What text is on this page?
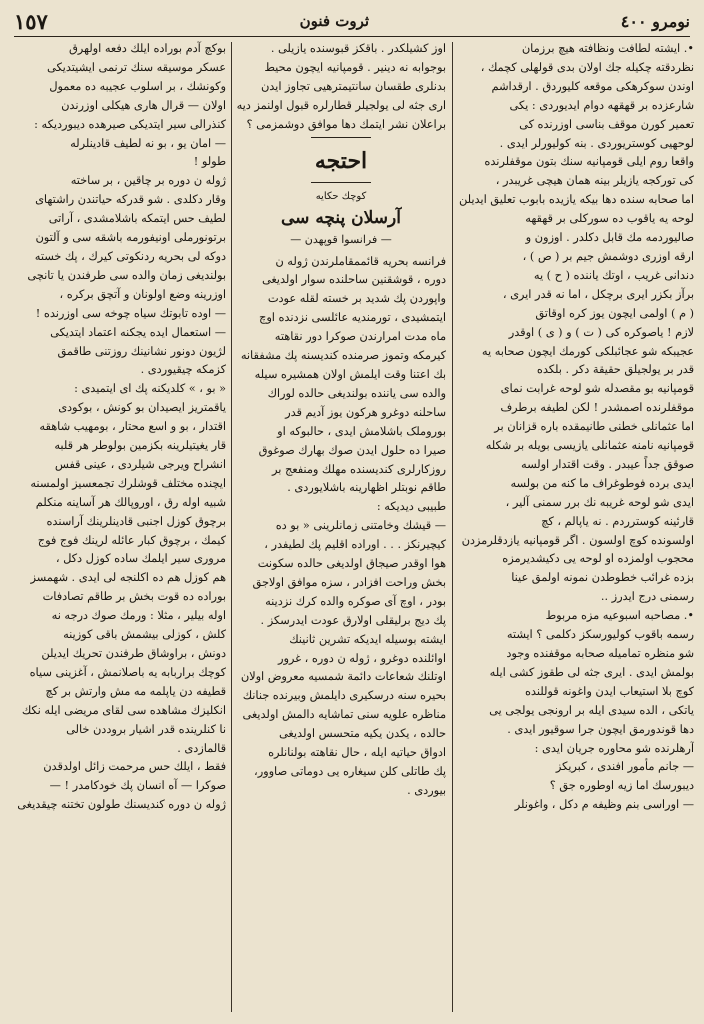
١٥٧	ثروت فنون	نومرو ٤٠٠
•. ایشته لطافت ونظافته هیچ برزمان
نظردقته چکیله جك اولان بدی قولهلی کچمك ،
اوندن سوکرهکی موقعه کلیوردق . ارقداشم
شارعزده بر قهقهه دوام ایدیوردی : یکی
تعمیر کورن موقف بناسی اوزرنده کی
لوحهیی کوستریوردی . بنه کولیورلر ایدی .
واقعا روم ایلی قومپانیه سنك بتون موقفلرنده
کی تورکجه یازیلر بینه همان هیچی غریبدر ،
اما صحابه سنده دها بیکه یازیده بابوب تعلیق ایدیلن
لوحه یه یاقوب ده سورکلی بر قهقهه
صالیوردمه مك قابل دکلدر . اوزون و
ارقه اوزری دوشمش جیم بر ( ص ) ،
دندانی غریب ، اوتك یاننده ( ح ) یه
برآز بکزر ایری برچکل ، اما نه قدر ایری ،
( م ) اولمی ایچون یوز کره اوقاتق
لازم ! یاصوکره کی ( ت ) و ( ی ) اوقدر
عجیبکه شو عجائبلکی کورمك ایچون صحابه یه
قدر بر یولجیلق حقیقة دکر . بلکده
قومپانیه بو مقصدله شو لوحه غرابت نمای
موقفلرنده اصمشدر ! لکن لطیفه برطرف
اما عثمانلی خطنی طانیمقده باره قزانان بر
قومپانیه نامنه عثمانلی یازیسی بویله بر شکله
صوقق جداً عیبدر . وقت اقتدار اولسه
ایدی برده فوطوغراف ما کنه من بولسه
ایدی شو لوحه غریبه نك برر سمنی آلیر ،
قارئینه کوسترردم . نه یاپالم ، کچ
اولسونده کوچ اولسون . اگر قومپانیه یازدقلرمزدن
محجوب اولمزده او لوحه یی دکیشدیرمزه
بزده غرائب خطوطدن نمونه اولمق عینا
رسمنی درج ایدرز ..
•. مصاحبه اسبوعیه مزه مربوط
رسمه باقوب کولیورسکز دکلمی ؟ ایشته
شو منظره تمامیله صحابه موقفنده وجود
بولمش ایدی . ایری جثه لی طقوز کشی ایله
کوچ بلا استیعاب ایدن واغونه قوللنده
یاتکی ، الده سیدی ایله بر ارونجی یولجی یی
دها قوندورمق ایچون جرا سوقیور ایدی .
آرهلرنده شو محاوره جریان ایدی :
— جانم مأمور افندی ، کبریکز
دیبورسك اما زیه اوطوره جق ؟
— اوراسی بنم وظیفه م دکل ، واغونلر
اوز کشیلکدر . باقکز قبوسنده یازیلی .
بوجوابه نه دینیر . قومپانیه ایچون محیط
بدنلری طقسان سانتیمترهیی تجاوز ایدن
اری جثه لی یولجیلر قطارلره قبول اولنمز دیه
براعلان نشر ایتمك دها موافق دوشمزمی ؟
احتجه
کوچك حکایه
آرسلان پنچه سی
— فرانسوا قوپهدن —
فرانسه بحریه قائممقاملرندن ژوله ن
دوره ، قوشقنین ساحلنده سوار اولدیغی
واپوردن پك شدید بر خسته لقله عودت
ایتمشیدی ، تورمندیه عائلسی نزدنده اوچ
ماه مدت امرارندن صوکرا دور نقاهته
کیرمکه وتموز صرمنده کندیسنه پك مشفقانه
بك اعتنا وقت ایلمش اولان همشیره سیله
والده سی یاننده بولندیغی حالده لوراك
ساحلنه دوغرو هرکون یوز آدیم قدر
بوروملک باشلامش ایدی ، حالبوکه او
صیرا ده حلول ایدن صوك بهارك صوغوق
روزکارلری کندیسنده مهلك ومنفعج بر
طاقم نوبتلر اظهارینه باشلایوردی .
طبیبی دیدیکه :
— قیشك وخامتنی زمانلرینی « بو ده
کیچیرنکز . . . اوراده اقلیم پك لطیفدر ،
هوا اوقدر صیجاق اولدیغی حالده سکونت
بخش وراحت افزادر ، سزه موافق اولاجق
بودر ، اوچ آی صوکره والده کرك نزدینه
پك دیج برلیقلی اولارق عودت ایدرسکز .
ایشته بوسیله ایدیکه تشرین ثانینك
اوائلنده دوغرو ، ژوله ن دوره ، غرور
اوتلنك شعاعات دائمة شمسیه معروض اولان
بحیره سنه درسکیری دایلمش وبیرنده جنانك
مناظره علویه سنی تماشایه دالمش اولدیغی
حالده ، یکدن یکیه متحسس اولدیغی
ادواق حیاتیه ایله ، حال نقاهته بولنانلره
پك طاتلی کلن سیغاره یی دوماتی صاوور،
بیوردی .
بوکچ آدم بوراده ایلك دفعه اولهرق
عسکر موسیقه سنك ترنمی ایشیتدیکی
وکونشك ، بر اسلوب عجیبه ده معمول
اولان — قرال هاری هیکلی اوزرندن
کنذرالی سیر ایتدیکی صیرهده دیبوردیکه :
— امان یو ، بو نه لطیف قادینلرله
طولو !
ژوله ن دوره بر چاقین ، بر ساخته
وقار دکلدی . شو قدرکه حیاتندن راشتهای
لطیف حس ایتمکه باشلامشدی ، آراتی
برتونورملی اونیفورمه باشقه سی و آلتون
دوکه لی بحریه ردنکوتی کیرك ، پك خسته
بولندیغی زمان والده سی طرفندن یا تانچی
اوزرینه وضع اولونان و آتچق برکره ،
— اوده تابوتك سیاه چوخه سی اوزرنده !
— استعمال ایده یجکنه اعتماد ایتدیکی
لژیون دونور نشانینك روزتنی طاقمق
کزمکه چیقیوردی .
« بو ، » کلدیکنه پك ای ایتمیدی :
یاقمتریز ایصیدان بو کونش ، بوکودی
اقتدار ، بو و اسع محتار ، بومهیب شاهقه
قار یغیتیلرینه بکزمین بولوطر هر قلبه
انشراح ویرجی شیلردی ، عینی قفس
ایچنده مختلف قوشلرك تجمعسیز اولمسنه
شبیه اوله رق ، اوروپالك هر آساینه منکلم
برچوق کوزل اجنبی قادینلرینك آراسنده
کیمك ، برچوق کبار عائله لرینك فوج فوج
مروری سیر ایلمك ساده کوزل دکل ،
هم کوزل هم ده اکلنجه لی ایدی . شهمسز
بوراده ده قوت بخش بر طاقم تصادفات
اوله بیلیر ، مثلا : ورمك صوك درجه نه
کلش ، کوزلی بیشمش باقی کوزینه
دونش ، براوشاق طرفندن تحریك ایدیلن
کوچك براربابه یه باصلانمش ، آغزینی سیاه
قطیفه دن یاپلمه مه مش وارتش بر کچ
انکلیزك مشاهده سی لقای مریضی ایله نكك
نا کنلرینده قدر اشیار بروددن خالی
قالمازدی .
فقط ، ایلك حس مرحمت زائل اولدقدن
صوکرا — آه انسان پك خودکامدر ! —
ژوله ن دوره کندیسنك طولون تختنه چیقدیغی
